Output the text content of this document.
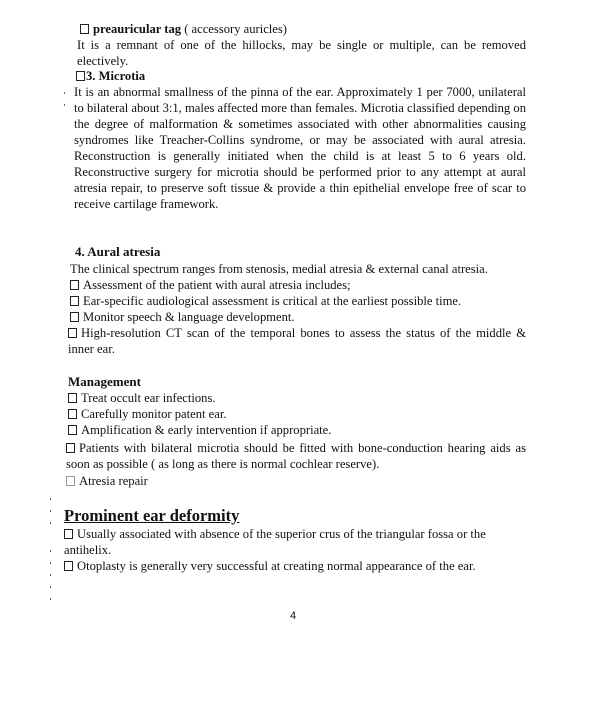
preauricular tag ( accessory auricles)

It is a remnant of one of the hillocks, may be single or multiple, can be removed electively.

3. Microtia

It is an abnormal smallness of the pinna of the ear. Approximately 1 per 7000, unilateral to bilateral about 3:1, males affected more than females. Microtia classified depending on the degree of malformation & sometimes associated with other abnormalities causing syndromes like Treacher-Collins syndrome, or may be associated with aural atresia. Reconstruction is generally initiated when the child is at least 5 to 6 years old. Reconstructive surgery for microtia should be performed prior to any attempt at aural atresia repair, to preserve soft tissue & provide a thin epithelial envelope free of scar to receive cartilage framework.

4. Aural atresia

The clinical spectrum ranges from stenosis, medial atresia & external canal atresia.

Assessment of the patient with aural atresia includes;
Ear-specific audiological assessment is critical at the earliest possible time.
Monitor speech & language development.
High-resolution CT scan of the temporal bones to assess the status of the middle & inner ear.
Management
Treat occult ear infections.
Carefully monitor patent ear.
Amplification & early intervention if appropriate.
Patients with bilateral microtia should be fitted with bone-conduction hearing aids as soon as possible ( as long as there is normal cochlear reserve).
Atresia repair
Prominent ear deformity
Usually associated with absence of the superior crus of the triangular fossa or the antihelix.
Otoplasty is generally very successful at creating normal appearance of the ear.
4
